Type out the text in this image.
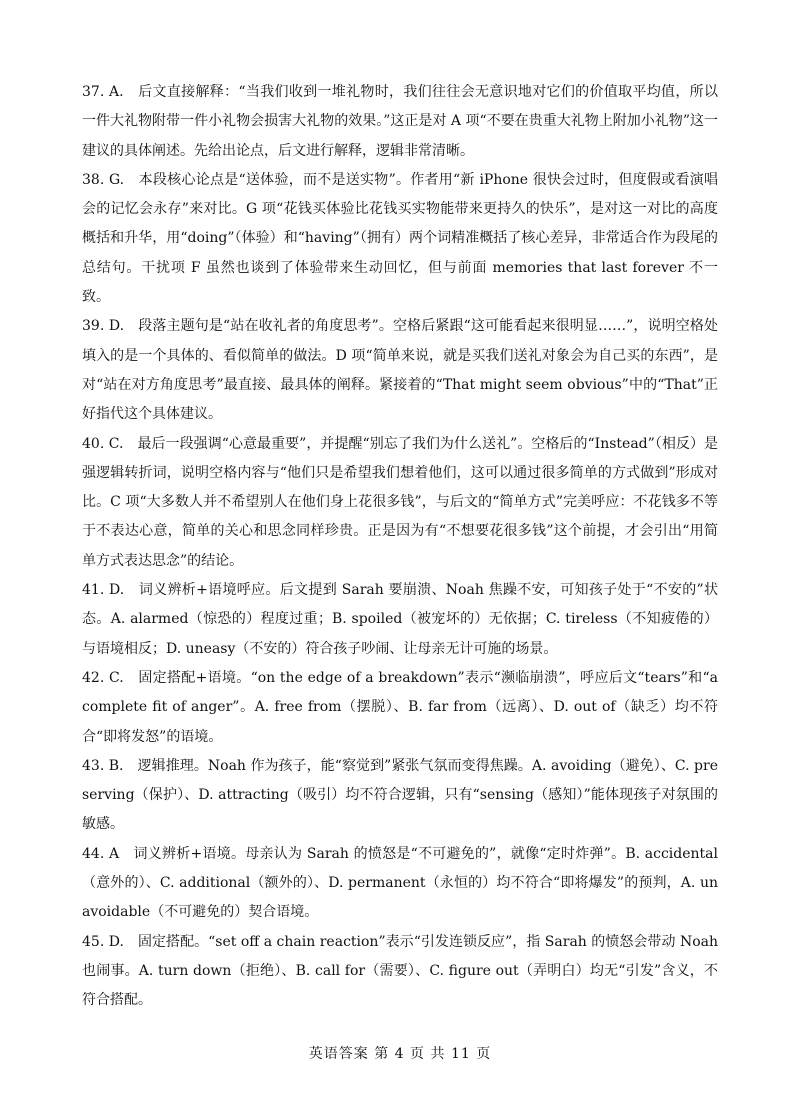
37. A.　后文直接解释：“当我们收到一堆礼物时，我们往往会无意识地对它们的价值取平均值，所以一件大礼物附带一件小礼物会损害大礼物的效果。”这正是对 A 项“不要在贵重大礼物上附加小礼物”这一建议的具体阐述。先给出论点，后文进行解释，逻辑非常清晰。

38. G.　本段核心论点是“送体验，而不是送实物”。作者用“新 iPhone 很快会过时，但度假或看演唱会的记忆会永存”来对比。G 项“花钱买体验比花钱买实物能带来更持久的快乐”，是对这一对比的高度概括和升华，用“doing”（体验）和“having”（拥有）两个词精准概括了核心差异，非常适合作为段尾的总结句。干扰项 F 虽然也谈到了体验带来生动回忆，但与前面 memories that last forever 不一致。

39. D.　段落主题句是“站在收礼者的角度思考”。空格后紧跟“这可能看起来很明显……”，说明空格处填入的是一个具体的、看似简单的做法。D 项“简单来说，就是买我们送礼对象会为自己买的东西”，是对“站在对方角度思考”最直接、最具体的阐释。紧接着的“That might seem obvious”中的“That”正好指代这个具体建议。

40. C.　最后一段强调“心意最重要”，并提醒“别忘了我们为什么送礼”。空格后的“Instead”（相反）是强逻辑转折词，说明空格内容与“他们只是希望我们想着他们，这可以通过很多简单的方式做到”形成对比。C 项“大多数人并不希望别人在他们身上花很多钱”，与后文的“简单方式”完美呼应：不花钱多不等于不表达心意，简单的关心和思念同样珍贵。正是因为有“不想要花很多钱”这个前提，才会引出“用简单方式表达思念”的结论。

41. D.　词义辨析+语境呼应。后文提到 Sarah 要崩溃、Noah 焦躁不安，可知孩子处于“不安的”状态。A. alarmed（惊恐的）程度过重；B. spoiled（被宠坏的）无依据；C. tireless（不知疲倦的）与语境相反；D. uneasy（不安的）符合孩子吵闹、让母亲无计可施的场景。

42. C.　固定搭配+语境。“on the edge of a breakdown”表示“濒临崩溃”，呼应后文“tears”和“a complete fit of anger”。A. free from（摆脱）、B. far from（远离）、D. out of（缺乏）均不符合“即将发怒”的语境。

43. B.　逻辑推理。Noah 作为孩子，能“察觉到”紧张气氛而变得焦躁。A. avoiding（避免）、C. preserving（保护）、D. attracting（吸引）均不符合逻辑，只有“sensing（感知）”能体现孩子对氛围的敏感。

44. A　词义辨析+语境。母亲认为 Sarah 的愤怒是“不可避免的”，就像“定时炸弹”。B. accidental（意外的）、C. additional（额外的）、D. permanent（永恒的）均不符合“即将爆发”的预判，A. unavoidable（不可避免的）契合语境。

45. D.　固定搭配。“set off a chain reaction”表示“引发连锁反应”，指 Sarah 的愤怒会带动 Noah 也闹事。A. turn down（拒绝）、B. call for（需要）、C. figure out（弄明白）均无“引发”含义，不符合搭配。

英语答案 第 4 页 共 11 页
